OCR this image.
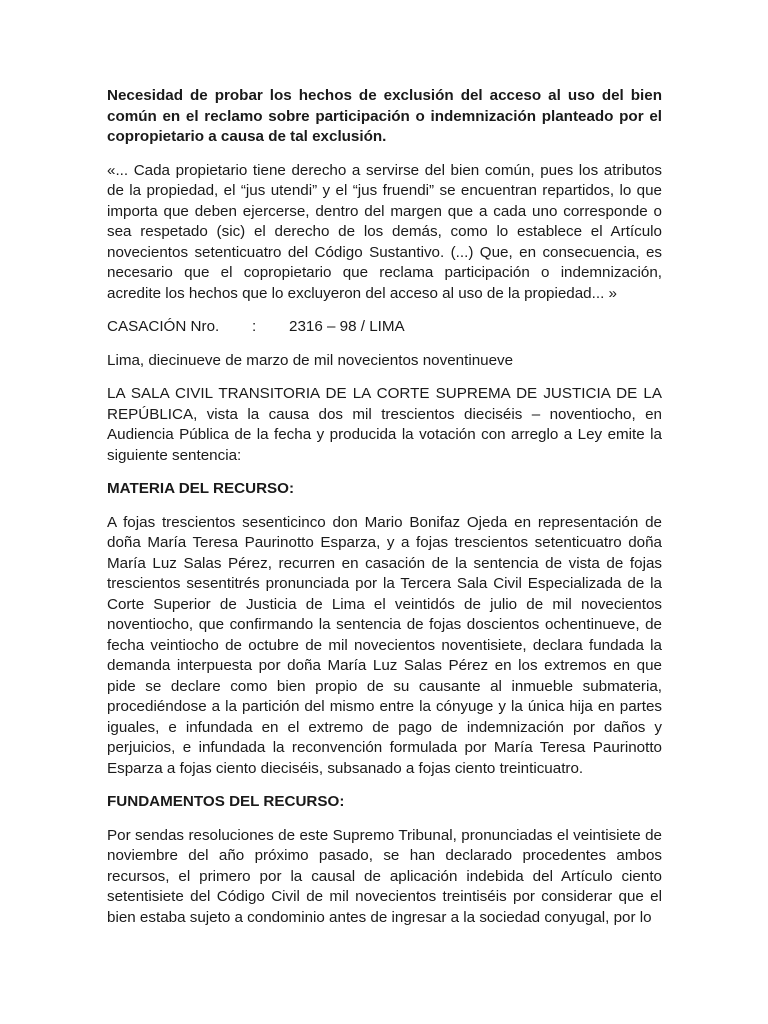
Necesidad de probar los hechos de exclusión del acceso al uso del bien común en el reclamo sobre participación o indemnización planteado por el copropietario a causa de tal exclusión.

«... Cada propietario tiene derecho a servirse del bien común, pues los atributos de la propiedad, el “jus utendi” y el “jus fruendi” se encuentran repartidos, lo que importa que deben ejercerse, dentro del margen que a cada uno corresponde o sea respetado (sic) el derecho de los demás, como lo establece el Artículo novecientos setenticuatro del Código Sustantivo. (...) Que, en consecuencia, es necesario que el copropietario que reclama participación o indemnización, acredite los hechos que lo excluyeron del acceso al uso de la propiedad... »

CASACIÓN Nro. : 2316 – 98 / LIMA

Lima, diecinueve de marzo de mil novecientos noventinueve

LA SALA CIVIL TRANSITORIA DE LA CORTE SUPREMA DE JUSTICIA DE LA REPÚBLICA, vista la causa dos mil trescientos dieciséis – noventiocho, en Audiencia Pública de la fecha y producida la votación con arreglo a Ley emite la siguiente sentencia:

MATERIA DEL RECURSO:

A fojas trescientos sesenticinco don Mario Bonifaz Ojeda en representación de doña María Teresa Paurinotto Esparza, y a fojas trescientos setenticuatro doña María Luz Salas Pérez, recurren en casación de la sentencia de vista de fojas trescientos sesentitrés pronunciada por la Tercera Sala Civil Especializada de la Corte Superior de Justicia de Lima el veintidós de julio de mil novecientos noventiocho, que confirmando la sentencia de fojas doscientos ochentinueve, de fecha veintiocho de octubre de mil novecientos noventisiete, declara fundada la demanda interpuesta por doña María Luz Salas Pérez en los extremos en que pide se declare como bien propio de su causante al inmueble submateria, procediéndose a la partición del mismo entre la cónyuge y la única hija en partes iguales, e infundada en el extremo de pago de indemnización por daños y perjuicios, e infundada la reconvención formulada por María Teresa Paurinotto Esparza a fojas ciento dieciséis, subsanado a fojas ciento treinticuatro.

FUNDAMENTOS DEL RECURSO:

Por sendas resoluciones de este Supremo Tribunal, pronunciadas el veintisiete de noviembre del año próximo pasado, se han declarado procedentes ambos recursos, el primero por la causal de aplicación indebida del Artículo ciento setentisiete del Código Civil de mil novecientos treintiséis por considerar que el bien estaba sujeto a condominio antes de ingresar a la sociedad conyugal, por lo
